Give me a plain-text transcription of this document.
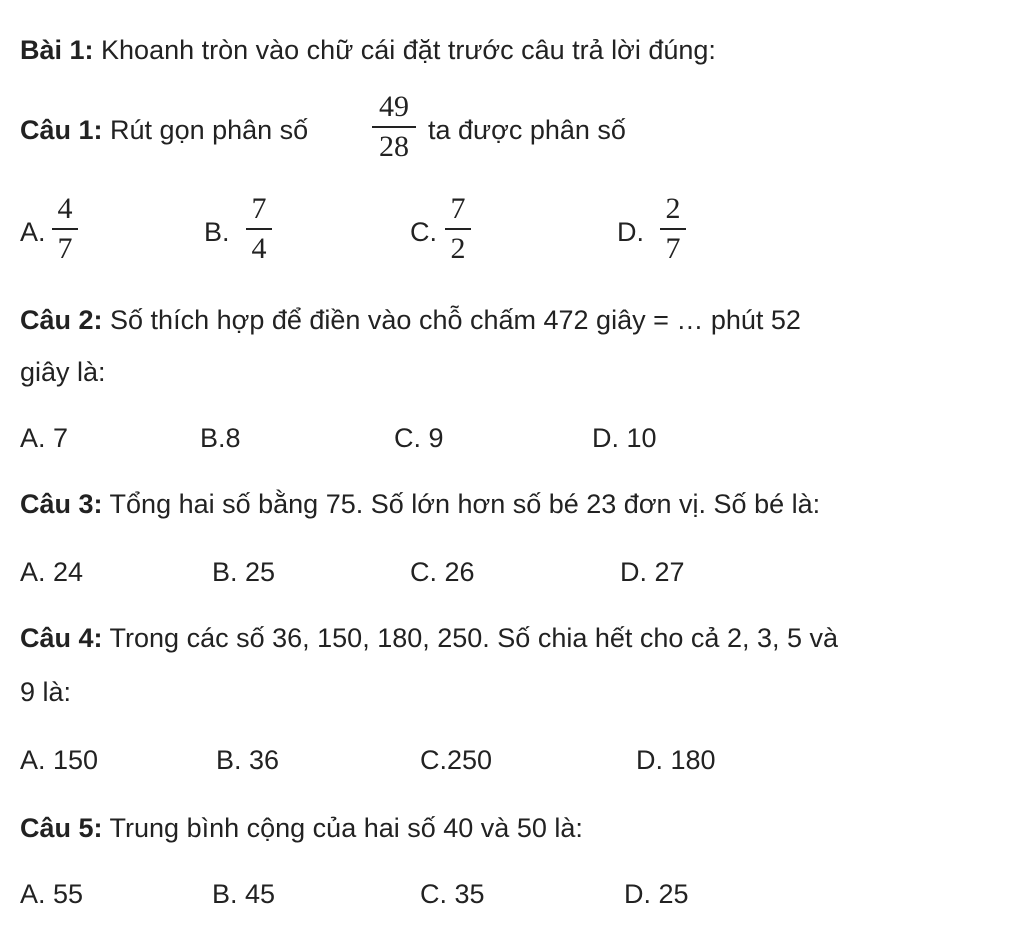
Bài 1: Khoanh tròn vào chữ cái đặt trước câu trả lời đúng:
Câu 1: Rút gọn phân số
49
28 ta được phân số
A.
4
7	B.
7
4	C.
7
2	D.
2
7
Câu 2: Số thích hợp để điền vào chỗ chấm 472 giây = … phút 52
giây là:
A. 7	B.8	C. 9	D. 10
Câu 3: Tổng hai số bằng 75. Số lớn hơn số bé 23 đơn vị. Số bé là:
A. 24	B. 25	C. 26	D. 27
Câu 4: Trong các số 36, 150, 180, 250. Số chia hết cho cả 2, 3, 5 và
9 là:
A. 150	B. 36	C.250	D. 180
Câu 5: Trung bình cộng của hai số 40 và 50 là:
A. 55	B. 45	C. 35	D. 25
